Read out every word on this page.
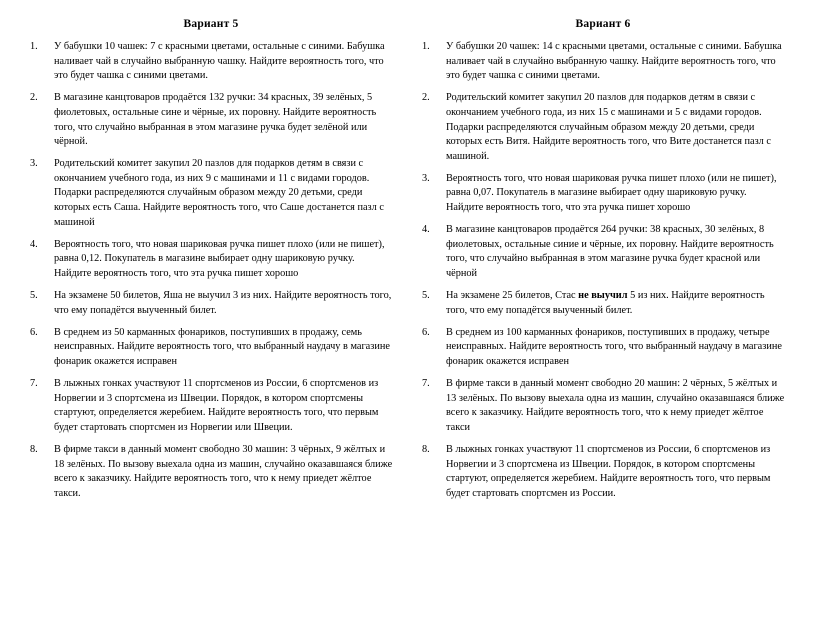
Вариант 5
1.	У бабушки 10 чашек: 7 с красными цветами, остальные с синими. Бабушка наливает чай в случайно выбранную чашку. Найдите вероятность того, что это будет чашка с синими цветами.
2.	В магазине канцтоваров продаётся 132 ручки: 34 красных, 39 зелёных, 5 фиолетовых, остальные сине и чёрные, их поровну. Найдите вероятность того, что случайно выбранная в этом магазине ручка будет зелёной или чёрной.
3.	Родительский комитет закупил 20 пазлов для подарков детям в связи с окончанием учебного года, из них 9 с машинами и 11 с видами городов. Подарки распределяются случайным образом между 20 детьми, среди которых есть Саша. Найдите вероятность того, что Саше достанется пазл с машиной
4.	Вероятность того, что новая шариковая ручка пишет плохо (или не пишет), равна 0,12. Покупатель в магазине выбирает одну шариковую ручку. Найдите вероятность того, что эта ручка пишет хорошо
5.	На экзамене 50 билетов, Яша не выучил 3 из них. Найдите вероятность того, что ему попадётся выученный билет.
6.	В среднем из 50 карманных фонариков, поступивших в продажу, семь неисправных. Найдите вероятность того, что выбранный наудачу в магазине фонарик окажется исправен
7.	В лыжных гонках участвуют 11 спортсменов из России, 6 спортсменов из Норвегии и 3 спортсмена из Швеции. Порядок, в котором спортсмены стартуют, определяется жеребием. Найдите вероятность того, что первым будет стартовать спортсмен из Норвегии или Швеции.
8.	В фирме такси в данный момент свободно 30 машин: 3 чёрных, 9 жёлтых и 18 зелёных. По вызову выехала одна из машин, случайно оказавшаяся ближе всего к заказчику. Найдите вероятность того, что к нему приедет жёлтое такси.
Вариант 6
1.	У бабушки 20 чашек: 14 с красными цветами, остальные с синими. Бабушка наливает чай в случайно выбранную чашку. Найдите вероятность того, что это будет чашка с синими цветами.
2.	Родительский комитет закупил 20 пазлов для подарков детям в связи с окончанием учебного года, из них 15 с машинами и 5 с видами городов. Подарки распределяются случайным образом между 20 детьми, среди которых есть Витя. Найдите вероятность того, что Вите достанется пазл с машиной.
3.	Вероятность того, что новая шариковая ручка пишет плохо (или не пишет), равна 0,07. Покупатель в магазине выбирает одну шариковую ручку. Найдите вероятность того, что эта ручка пишет хорошо
4.	В магазине канцтоваров продаётся 264 ручки: 38 красных, 30 зелёных, 8 фиолетовых, остальные синие и чёрные, их поровну. Найдите вероятность того, что случайно выбранная в этом магазине ручка будет красной или чёрной
5.	На экзамене 25 билетов, Стас не выучил 5 из них. Найдите вероятность того, что ему попадётся выученный билет.
6.	В среднем из 100 карманных фонариков, поступивших в продажу, четыре неисправных. Найдите вероятность того, что выбранный наудачу в магазине фонарик окажется исправен
7.	В фирме такси в данный момент свободно 20 машин: 2 чёрных, 5 жёлтых и 13 зелёных. По вызову выехала одна из машин, случайно оказавшаяся ближе всего к заказчику. Найдите вероятность того, что к нему приедет жёлтое такси
8.	В лыжных гонках участвуют 11 спортсменов из России, 6 спортсменов из Норвегии и 3 спортсмена из Швеции. Порядок, в котором спортсмены стартуют, определяется жеребием. Найдите вероятность того, что первым будет стартовать спортсмен из России.
